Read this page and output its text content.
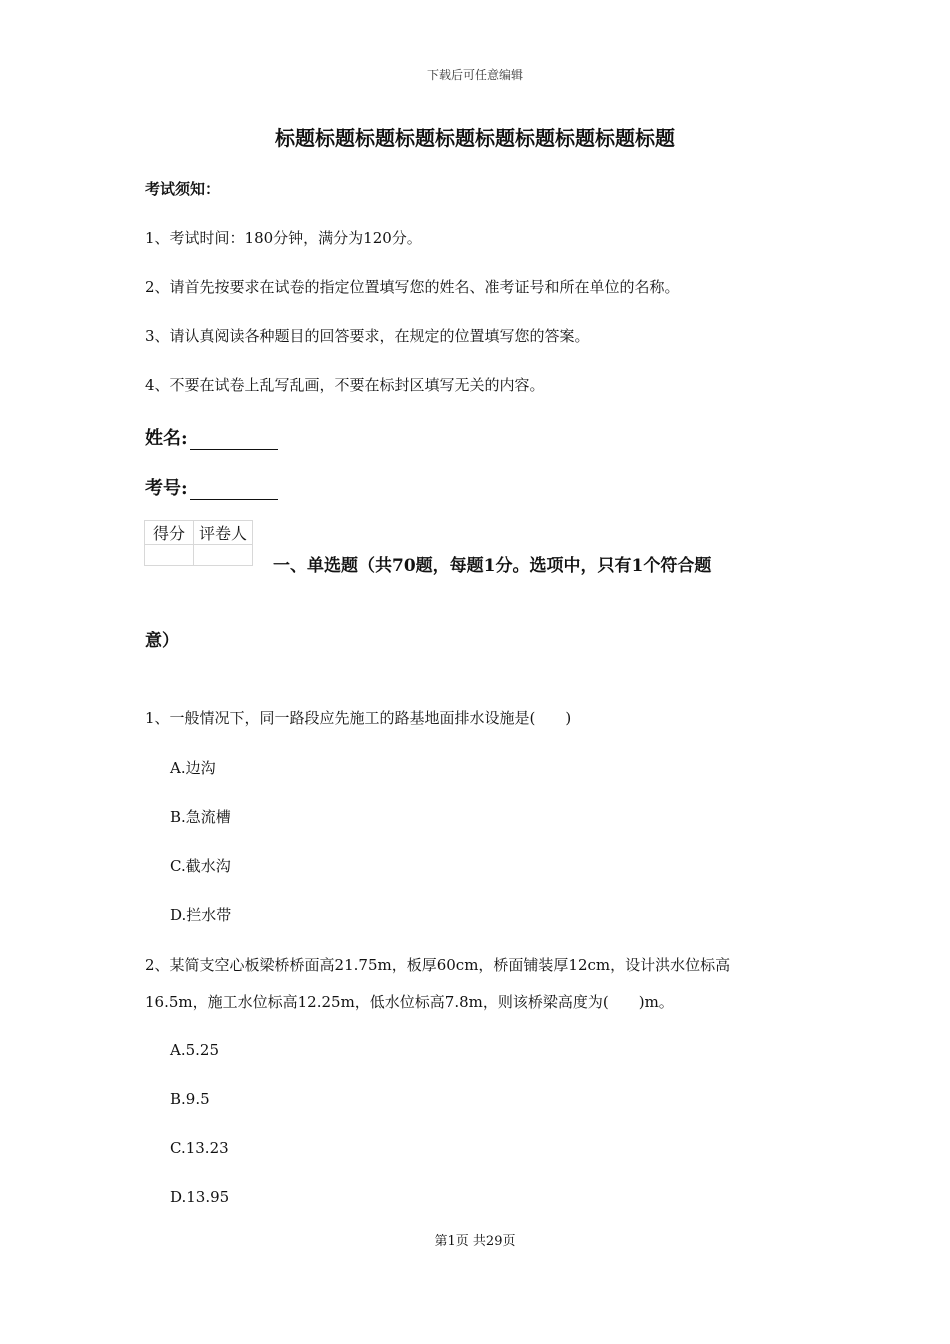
下载后可任意编辑
标题标题标题标题标题标题标题标题标题标题
考试须知：
1、考试时间：180分钟，满分为120分。
2、请首先按要求在试卷的指定位置填写您的姓名、准考证号和所在单位的名称。
3、请认真阅读各种题目的回答要求，在规定的位置填写您的答案。
4、不要在试卷上乱写乱画，不要在标封区填写无关的内容。
姓名:
考号:
得分	评卷人

一、单选题（共70题，每题1分。选项中，只有1个符合题
意）
1、一般情况下，同一路段应先施工的路基地面排水设施是(　　)
A.边沟
B.急流槽
C.截水沟
D.拦水带
2、某简支空心板梁桥桥面高21.75m，板厚60cm，桥面铺装厚12cm，设计洪水位标高
16.5m，施工水位标高12.25m，低水位标高7.8m，则该桥梁高度为(　　)m。
A.5.25
B.9.5
C.13.23
D.13.95
第1页 共29页
